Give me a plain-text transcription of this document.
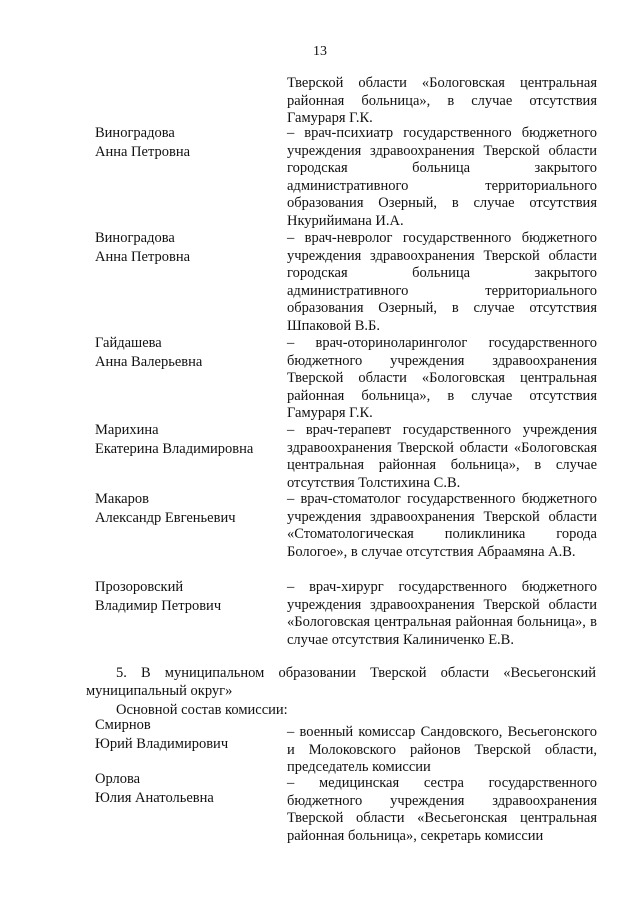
13
Тверской области «Бологовская центральная районная больница», в случае отсутствия Гамураря Г.К.
Виноградова
Анна Петровна
– врач-психиатр государственного бюджетного учреждения здравоохранения Тверской области городская больница закрытого административного территориального образования Озерный, в случае отсутствия Нкурийимана И.А.
Виноградова
Анна Петровна
– врач-невролог государственного бюджетного учреждения здравоохранения Тверской области городская больница закрытого административного территориального образования Озерный, в случае отсутствия Шпаковой В.Б.
Гайдашева
Анна Валерьевна
– врач-оториноларинголог государственного бюджетного учреждения здравоохранения Тверской области «Бологовская центральная районная больница», в случае отсутствия Гамураря Г.К.
Марихина
Екатерина Владимировна
– врач-терапевт государственного учреждения здравоохранения Тверской области «Бологовская центральная районная больница», в случае отсутствия Толстихина С.В.
Макаров
Александр Евгеньевич
– врач-стоматолог государственного бюджетного учреждения здравоохранения Тверской области «Стоматологическая поликлиника города Бологое», в случае отсутствия Абраамяна А.В.
Прозоровский
Владимир Петрович
– врач-хирург государственного бюджетного учреждения здравоохранения Тверской области «Бологовская центральная районная больница», в случае отсутствия Калиниченко Е.В.
5. В муниципальном образовании Тверской области «Весьегонский муниципальный округ»
Основной состав комиссии:
Смирнов
Юрий Владимирович
– военный комиссар Сандовского, Весьегонского и Молоковского районов Тверской области, председатель комиссии
Орлова
Юлия Анатольевна
– медицинская сестра государственного бюджетного учреждения здравоохранения Тверской области «Весьегонская центральная районная больница», секретарь комиссии
